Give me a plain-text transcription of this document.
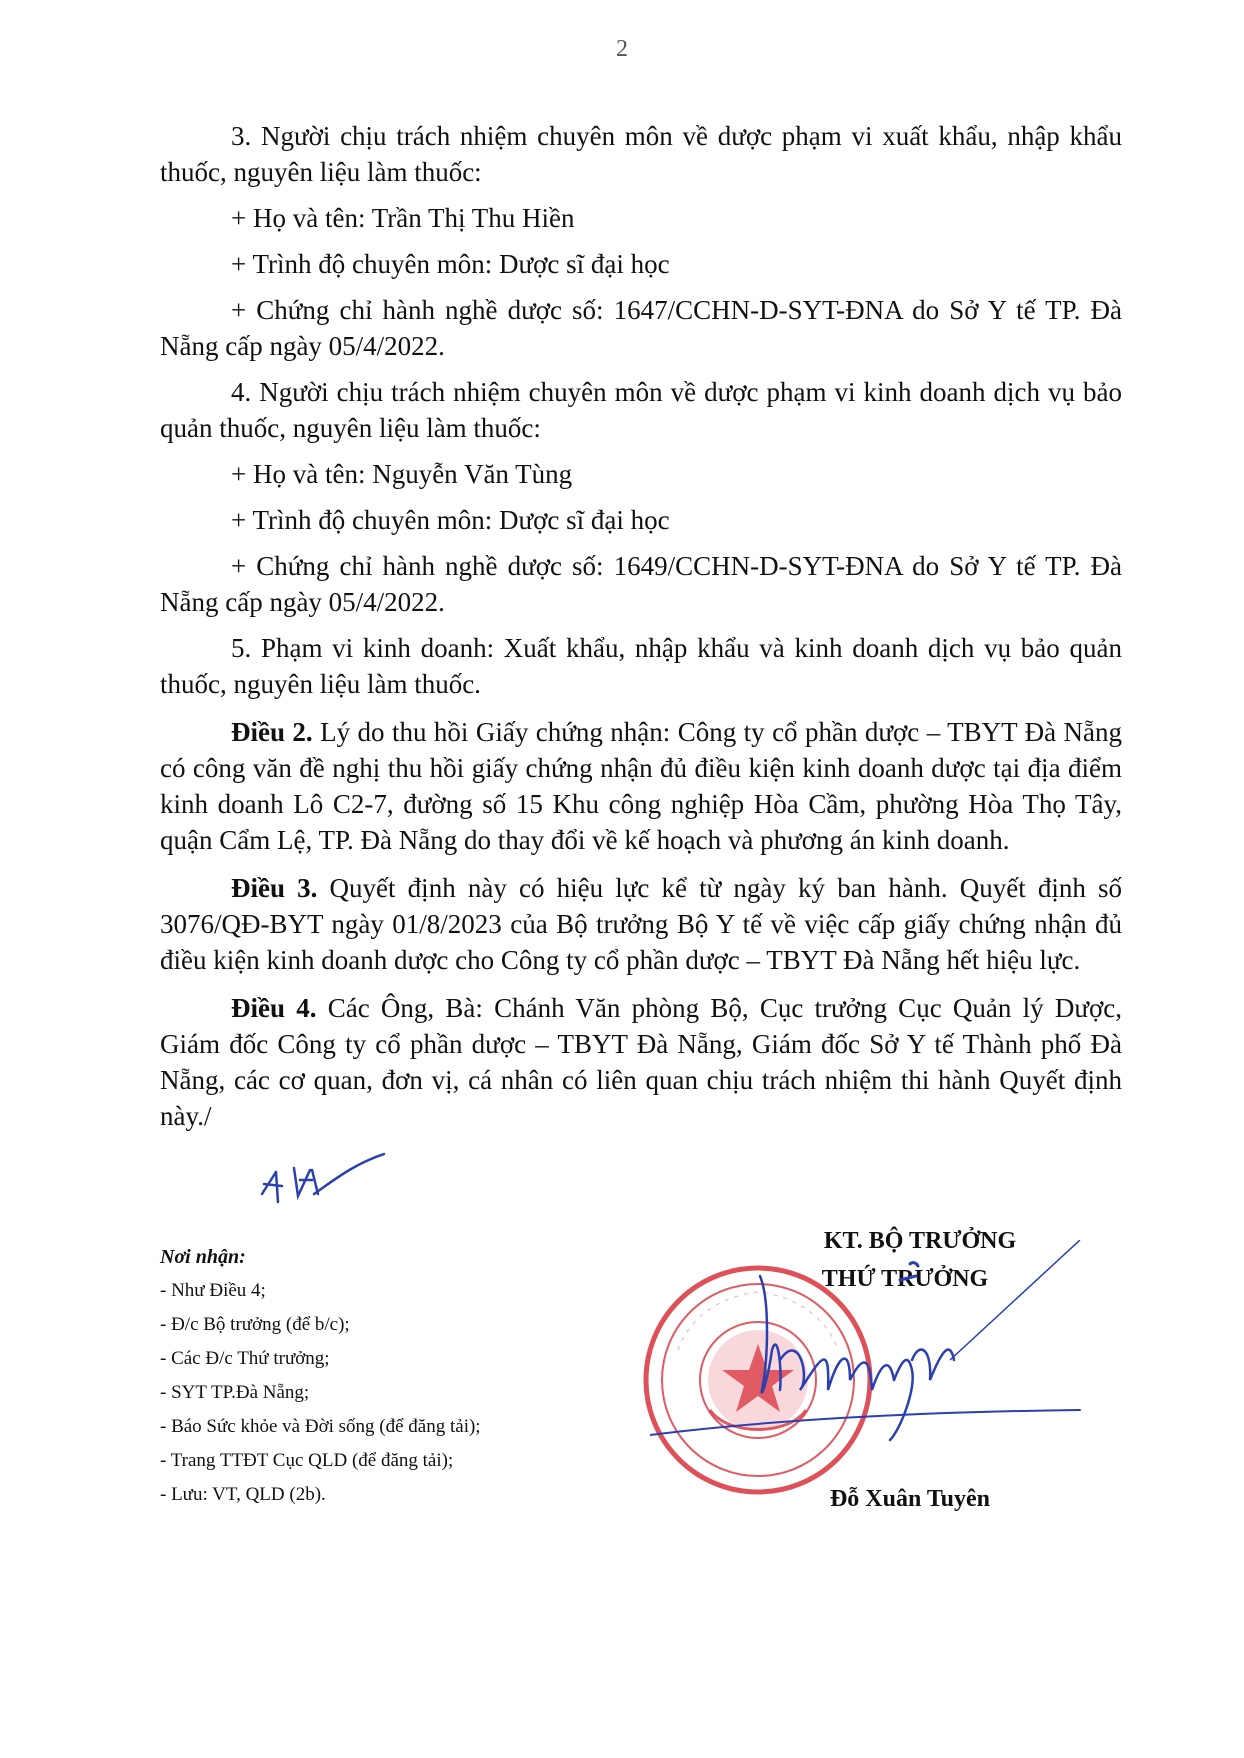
2

3. Người chịu trách nhiệm chuyên môn về dược phạm vi xuất khẩu, nhập khẩu thuốc, nguyên liệu làm thuốc:

+ Họ và tên: Trần Thị Thu Hiền

+ Trình độ chuyên môn: Dược sĩ đại học

+ Chứng chỉ hành nghề dược số: 1647/CCHN-D-SYT-ĐNA do Sở Y tế TP. Đà Nẵng cấp ngày 05/4/2022.

4. Người chịu trách nhiệm chuyên môn về dược phạm vi kinh doanh dịch vụ bảo quản thuốc, nguyên liệu làm thuốc:

+ Họ và tên: Nguyễn Văn Tùng

+ Trình độ chuyên môn: Dược sĩ đại học

+ Chứng chỉ hành nghề dược số: 1649/CCHN-D-SYT-ĐNA do Sở Y tế TP. Đà Nẵng cấp ngày 05/4/2022.

5. Phạm vi kinh doanh: Xuất khẩu, nhập khẩu và kinh doanh dịch vụ bảo quản thuốc, nguyên liệu làm thuốc.

Điều 2. Lý do thu hồi Giấy chứng nhận: Công ty cổ phần dược – TBYT Đà Nẵng có công văn đề nghị thu hồi giấy chứng nhận đủ điều kiện kinh doanh dược tại địa điểm kinh doanh Lô C2-7, đường số 15 Khu công nghiệp Hòa Cầm, phường Hòa Thọ Tây, quận Cẩm Lệ, TP. Đà Nẵng do thay đổi về kế hoạch và phương án kinh doanh.

Điều 3. Quyết định này có hiệu lực kể từ ngày ký ban hành. Quyết định số 3076/QĐ-BYT ngày 01/8/2023 của Bộ trưởng Bộ Y tế về việc cấp giấy chứng nhận đủ điều kiện kinh doanh dược cho Công ty cổ phần dược – TBYT Đà Nẵng hết hiệu lực.

Điều 4. Các Ông, Bà: Chánh Văn phòng Bộ, Cục trưởng Cục Quản lý Dược, Giám đốc Công ty cổ phần dược – TBYT Đà Nẵng, Giám đốc Sở Y tế Thành phố Đà Nẵng, các cơ quan, đơn vị, cá nhân có liên quan chịu trách nhiệm thi hành Quyết định này./

Nơi nhận:
- Như Điều 4;
- Đ/c Bộ trưởng (để b/c);
- Các Đ/c Thứ trưởng;
- SYT TP.Đà Nẵng;
- Báo Sức khỏe và Đời sống (để đăng tải);
- Trang TTĐT Cục QLD (để đăng tải);
- Lưu: VT, QLD (2b).
KT. BỘ TRƯỞNG
THỨ TRƯỞNG
Đỗ Xuân Tuyên
